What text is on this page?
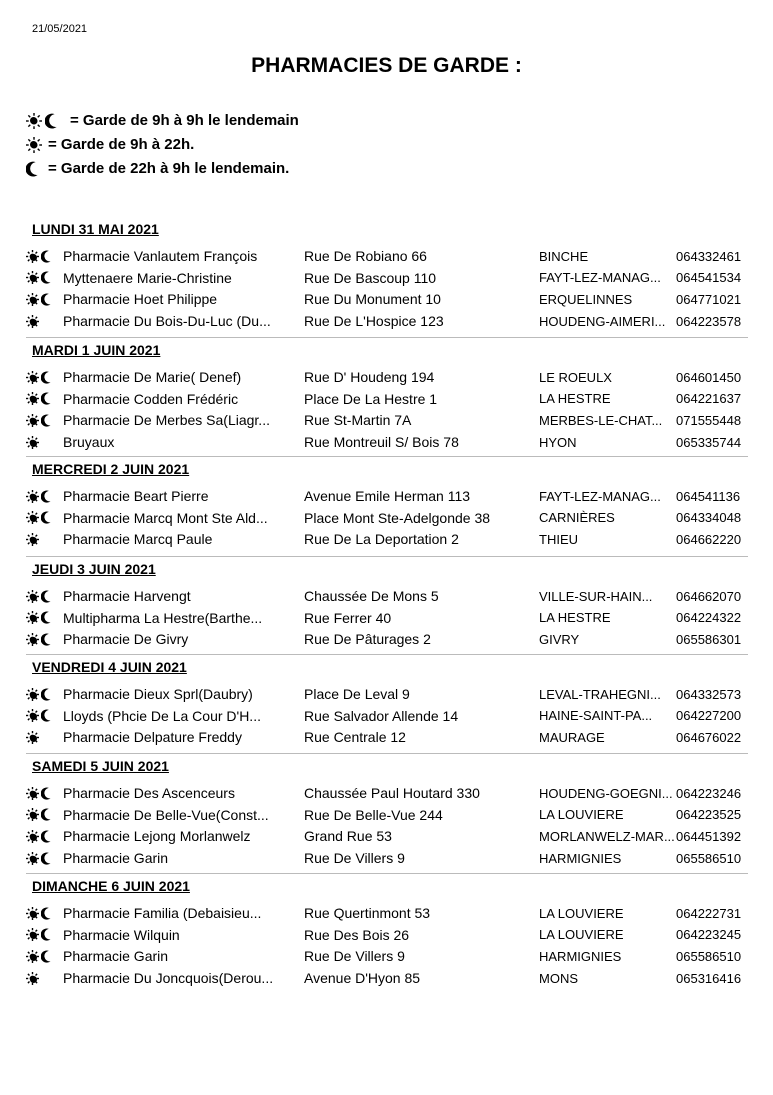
21/05/2021
PHARMACIES DE GARDE :
= Garde de 9h à 9h le lendemain
= Garde de 9h à 22h.
= Garde de 22h à 9h le lendemain.
LUNDI 31 MAI 2021
Pharmacie Vanlautem François	Rue De Robiano 66	BINCHE	064332461
Myttenaere Marie-Christine	Rue De Bascoup 110	FAYT-LEZ-MANAG...	064541534
Pharmacie Hoet Philippe	Rue Du Monument 10	ERQUELINNES	064771021
Pharmacie Du Bois-Du-Luc (Du...	Rue De L'Hospice 123	HOUDENG-AIMERI... 064223578
MARDI 1 JUIN 2021
Pharmacie De Marie( Denef)	Rue D' Houdeng 194	LE ROEULX	064601450
Pharmacie Codden Frédéric	Place De La Hestre 1	LA HESTRE	064221637
Pharmacie De Merbes Sa(Liagr...	Rue St-Martin 7A	MERBES-LE-CHAT...	071555448
Bruyaux	Rue Montreuil S/ Bois 78	HYON	065335744
MERCREDI 2 JUIN 2021
Pharmacie Beart Pierre	Avenue Emile Herman 113	FAYT-LEZ-MANAG...	064541136
Pharmacie Marcq Mont Ste Ald...	Place Mont Ste-Adelgonde 38	CARNIÈRES	064334048
Pharmacie Marcq Paule	Rue De La Deportation 2	THIEU	064662220
JEUDI 3 JUIN 2021
Pharmacie Harvengt	Chaussée De Mons 5	VILLE-SUR-HAIN...	064662070
Multipharma La Hestre(Barthe...	Rue Ferrer 40	LA HESTRE	064224322
Pharmacie De Givry	Rue De Pâturages 2	GIVRY	065586301
VENDREDI 4 JUIN 2021
Pharmacie Dieux Sprl(Daubry)	Place De Leval 9	LEVAL-TRAHEGNI...	064332573
Lloyds (Phcie De La Cour D'H...	Rue Salvador Allende 14	HAINE-SAINT-PA...	064227200
Pharmacie Delpature Freddy	Rue Centrale 12	MAURAGE	064676022
SAMEDI 5 JUIN 2021
Pharmacie Des Ascenceurs	Chaussée Paul Houtard 330	HOUDENG-GOEGNI... 064223246
Pharmacie De Belle-Vue(Const...	Rue De Belle-Vue 244	LA LOUVIERE	064223525
Pharmacie Lejong Morlanwelz	Grand Rue 53	MORLANWELZ-MAR... 064451392
Pharmacie Garin	Rue De Villers 9	HARMIGNIES	065586510
DIMANCHE 6 JUIN 2021
Pharmacie Familia (Debaisieu...	Rue Quertinmont 53	LA LOUVIERE	064222731
Pharmacie Wilquin	Rue Des Bois 26	LA LOUVIERE	064223245
Pharmacie Garin	Rue De Villers 9	HARMIGNIES	065586510
Pharmacie Du Joncquois(Derou...	Avenue D'Hyon 85	MONS	065316416
